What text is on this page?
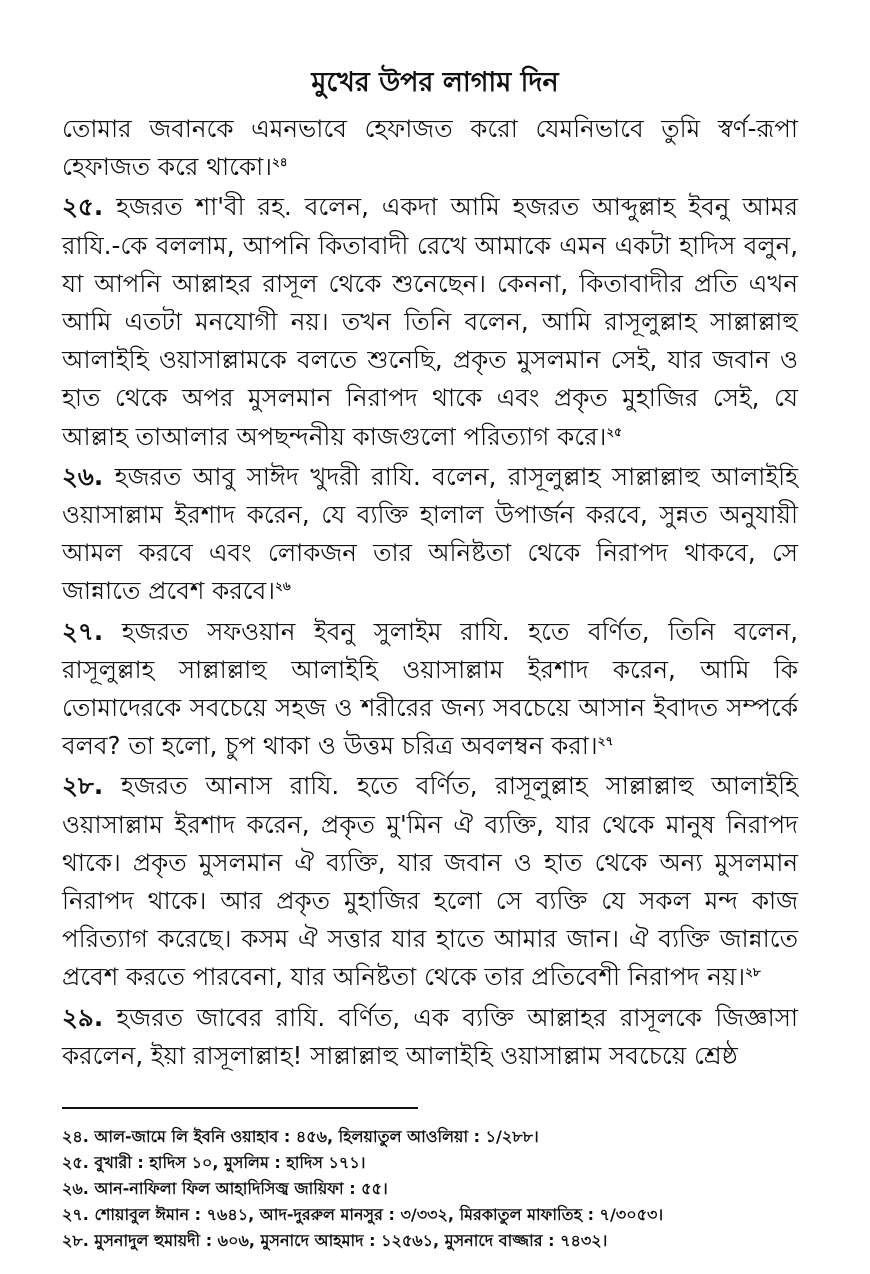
মুখের উপর লাগাম দিন

তোমার জবানকে এমনভাবে হেফাজত করো যেমনিভাবে তুমি স্বর্ণ-রূপা হেফাজত করে থাকো।$^{২৪}$

২৫. হজরত শা'বী রহ. বলেন, একদা আমি হজরত আব্দুল্লাহ ইবনু আমর রাযি.-কে বললাম, আপনি কিতাবাদী রেখে আমাকে এমন একটা হাদিস বলুন, যা আপনি আল্লাহর রাসূল থেকে শুনেছেন। কেননা, কিতাবাদীর প্রতি এখন আমি এতটা মনযোগী নয়। তখন তিনি বলেন, আমি রাসূলুল্লাহ সাল্লাল্লাহু আলাইহি ওয়াসাল্লামকে বলতে শুনেছি, প্রকৃত মুসলমান সেই, যার জবান ও হাত থেকে অপর মুসলমান নিরাপদ থাকে এবং প্রকৃত মুহাজির সেই, যে আল্লাহ তাআলার অপছন্দনীয় কাজগুলো পরিত্যাগ করে।$^{২৫}$

২৬. হজরত আবু সাঈদ খুদরী রাযি. বলেন, রাসূলুল্লাহ সাল্লাল্লাহু আলাইহি ওয়াসাল্লাম ইরশাদ করেন, যে ব্যক্তি হালাল উপার্জন করবে, সুন্নত অনুযায়ী আমল করবে এবং লোকজন তার অনিষ্টতা থেকে নিরাপদ থাকবে, সে জান্নাতে প্রবেশ করবে।$^{২৬}$

২৭. হজরত সফওয়ান ইবনু সুলাইম রাযি. হতে বর্ণিত, তিনি বলেন, রাসূলুল্লাহ সাল্লাল্লাহু আলাইহি ওয়াসাল্লাম ইরশাদ করেন, আমি কি তোমাদেরকে সবচেয়ে সহজ ও শরীরের জন্য সবচেয়ে আসান ইবাদত সম্পর্কে বলব? তা হলো, চুপ থাকা ও উত্তম চরিত্র অবলম্বন করা।$^{২৭}$

২৮. হজরত আনাস রাযি. হতে বর্ণিত, রাসূলুল্লাহ সাল্লাল্লাহু আলাইহি ওয়াসাল্লাম ইরশাদ করেন, প্রকৃত মু'মিন ঐ ব্যক্তি, যার থেকে মানুষ নিরাপদ থাকে। প্রকৃত মুসলমান ঐ ব্যক্তি, যার জবান ও হাত থেকে অন্য মুসলমান নিরাপদ থাকে। আর প্রকৃত মুহাজির হলো সে ব্যক্তি যে সকল মন্দ কাজ পরিত্যাগ করেছে। কসম ঐ সত্তার যার হাতে আমার জান। ঐ ব্যক্তি জান্নাতে প্রবেশ করতে পারবেনা, যার অনিষ্টতা থেকে তার প্রতিবেশী নিরাপদ নয়।$^{২৮}$

২৯. হজরত জাবের রাযি. বর্ণিত, এক ব্যক্তি আল্লাহর রাসূলকে জিজ্ঞাসা করলেন, ইয়া রাসূলাল্লাহ! সাল্লাল্লাহু আলাইহি ওয়াসাল্লাম সবচেয়ে শ্রেষ্ঠ

২৪. আল-জামে লি ইবনি ওয়াহাব : ৪৫৬, হিলয়াতুল আওলিয়া : ১/২৮৮।

২৫. বুখারী : হাদিস ১০, মুসলিম : হাদিস ১৭১।

২৬. আন-নাফিলা ফিল আহাদিসিজ্ব জায়িফা : ৫৫।

২৭. শোয়াবুল ঈমান : ৭৬৪১, আদ-দুররুল মানসুর : ৩/৩৩২, মিরকাতুল মাফাতিহ : ৭/৩০৫৩।

২৮. মুসনাদুল হুমায়দী : ৬০৬, মুসনাদে আহমাদ : ১২৫৬১, মুসনাদে বাজ্জার : ৭৪৩২।
